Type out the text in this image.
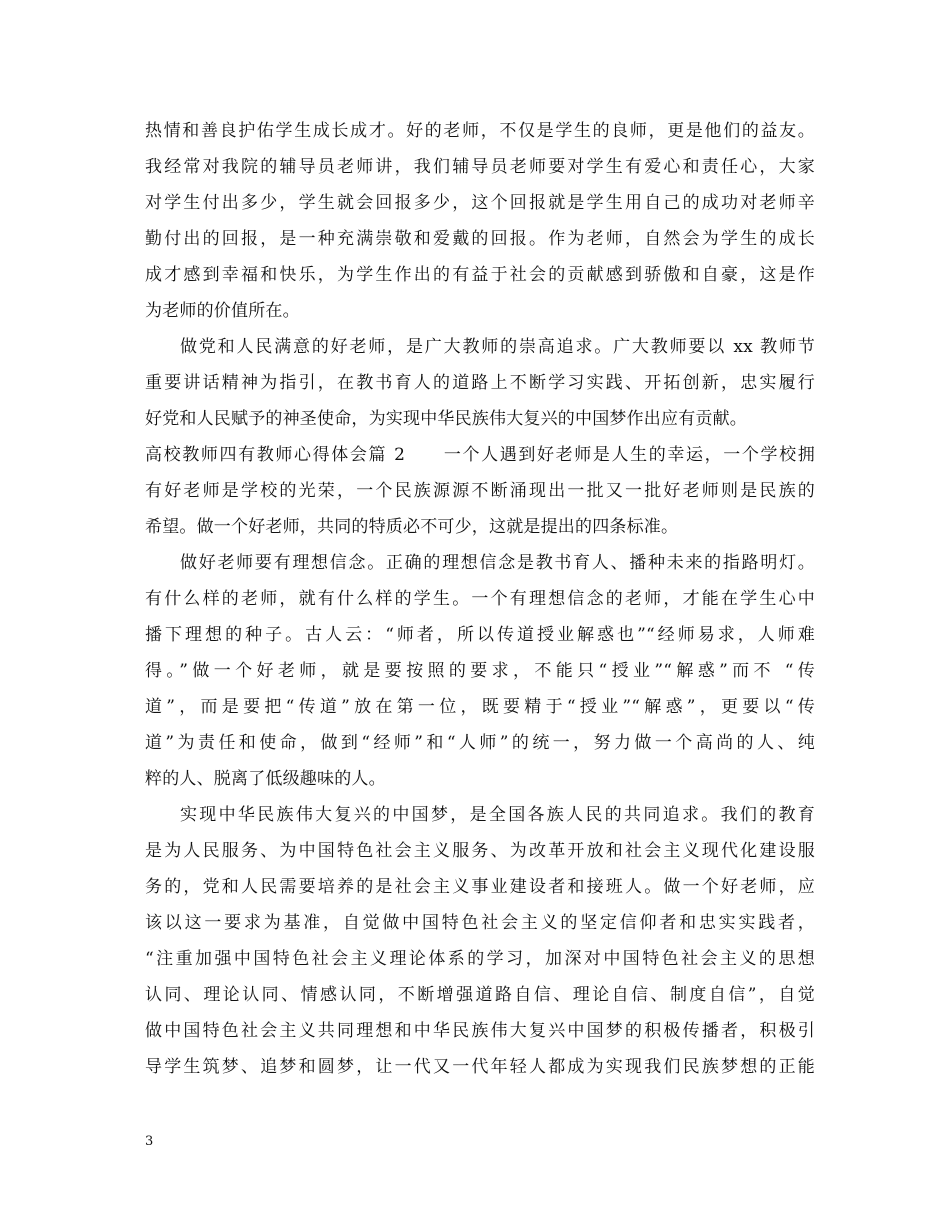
热情和善良护佑学生成长成才。好的老师，不仅是学生的良师，更是他们的益友。
我经常对我院的辅导员老师讲，我们辅导员老师要对学生有爱心和责任心，大家
对学生付出多少，学生就会回报多少，这个回报就是学生用自己的成功对老师辛
勤付出的回报，是一种充满崇敬和爱戴的回报。作为老师，自然会为学生的成长
成才感到幸福和快乐，为学生作出的有益于社会的贡献感到骄傲和自豪，这是作
为老师的价值所在。
做党和人民满意的好老师，是广大教师的崇高追求。广大教师要以 xx 教师节
重要讲话精神为指引，在教书育人的道路上不断学习实践、开拓创新，忠实履行
好党和人民赋予的神圣使命，为实现中华民族伟大复兴的中国梦作出应有贡献。
高校教师四有教师心得体会篇 2　　一个人遇到好老师是人生的幸运，一个学校拥
有好老师是学校的光荣，一个民族源源不断涌现出一批又一批好老师则是民族的
希望。做一个好老师，共同的特质必不可少，这就是提出的四条标准。
做好老师要有理想信念。正确的理想信念是教书育人、播种未来的指路明灯。
有什么样的老师，就有什么样的学生。一个有理想信念的老师，才能在学生心中
播下理想的种子。古人云：“师者，所以传道授业解惑也”“经师易求，人师难
得。”做一个好老师，就是要按照的要求，不能只“授业”“解惑”而不 “传
道”，而是要把“传道”放在第一位，既要精于“授业”“解惑”，更要以“传
道”为责任和使命，做到“经师”和“人师”的统一，努力做一个高尚的人、纯
粹的人、脱离了低级趣味的人。
实现中华民族伟大复兴的中国梦，是全国各族人民的共同追求。我们的教育
是为人民服务、为中国特色社会主义服务、为改革开放和社会主义现代化建设服
务的，党和人民需要培养的是社会主义事业建设者和接班人。做一个好老师，应
该以这一要求为基准，自觉做中国特色社会主义的坚定信仰者和忠实实践者，
“注重加强中国特色社会主义理论体系的学习，加深对中国特色社会主义的思想
认同、理论认同、情感认同，不断增强道路自信、理论自信、制度自信”，自觉
做中国特色社会主义共同理想和中华民族伟大复兴中国梦的积极传播者，积极引
导学生筑梦、追梦和圆梦，让一代又一代年轻人都成为实现我们民族梦想的正能
3
